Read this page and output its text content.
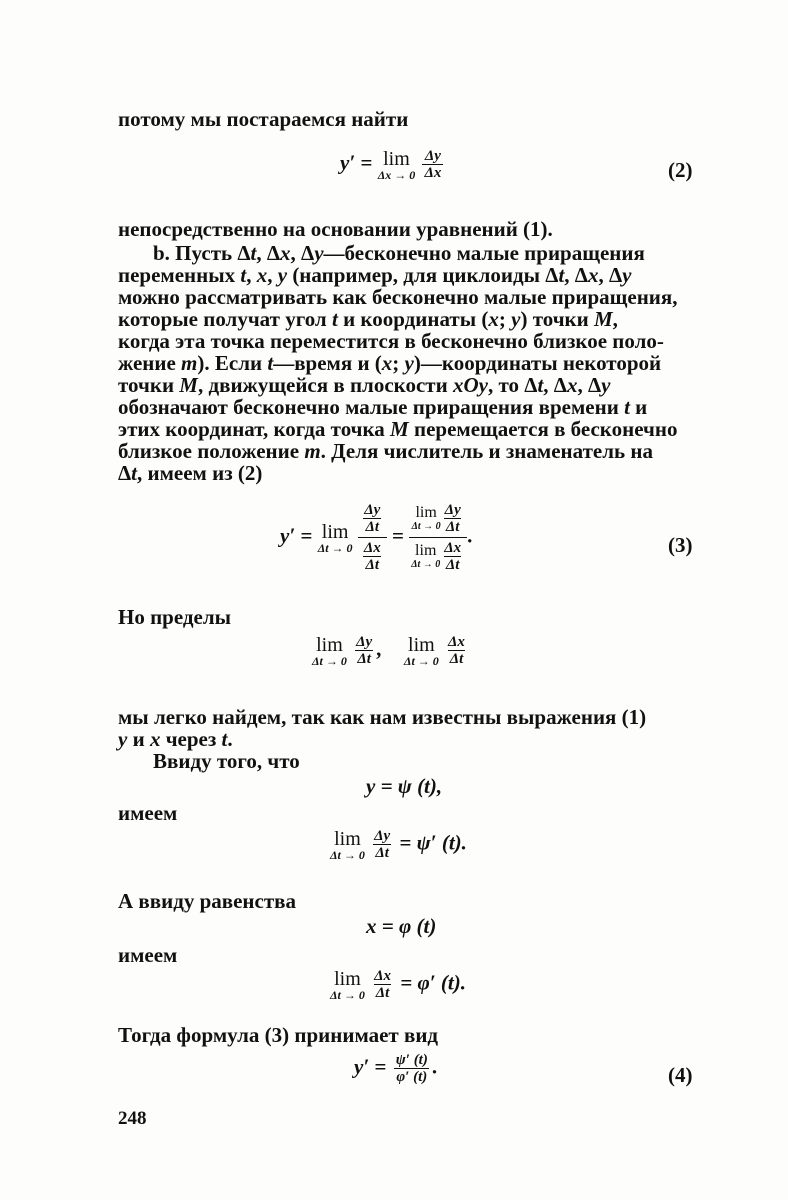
потому мы постараемся найти
y′ = lim
Δx → 0
$\frac{\Delta y}{\Delta x}$	(2)
непосредственно на основании уравнений (1).
b. Пусть Δt, Δx, Δy—бесконечно малые приращения
переменных t, x, y (например, для циклоиды Δt, Δx, Δy
можно рассматривать как бесконечно малые приращения,
которые получат угол t и координаты (x; y) точки M,
когда эта точка переместится в бесконечно близкое поло-
жение m). Если t—время и (x; y)—координаты некоторой
точки M, движущейся в плоскости xOy, то Δt, Δx, Δy
обозначают бесконечно малые приращения времени t и
этих координат, когда точка M перемещается в бесконечно
близкое положение m. Деля числитель и знаменатель на
Δt, имеем из (2)
y′ = lim
Δt → 0

$\frac{\Delta y}{\Delta t}$
$\frac{\Delta x}{\Delta t}$
=
lim
$\Delta t \to 0 \frac{\Delta y}{\Delta t}$
lim
$\Delta t \to 0 \frac{\Delta x}{\Delta t}$
.	(3)
Но пределы
lim
Δt → 0
$\frac{\Delta y}{\Delta t}$ , lim
Δt → 0
$\frac{\Delta x}{\Delta t}$
мы легко найдем, так как нам известны выражения (1)
y и x через t.
Ввиду того, что
y = ψ (t),
имеем
lim
Δt → 0
$\frac{\Delta y}{\Delta t} = \psi'$ (t).
А ввиду равенства
x = φ (t)
имеем
lim
Δt → 0
$\frac{\Delta x}{\Delta t} = \varphi'$ (t).
Тогда формула (3) принимает вид
$y' = \frac{\psi' (t)}{\varphi' (t)}$ .	(4)
248
